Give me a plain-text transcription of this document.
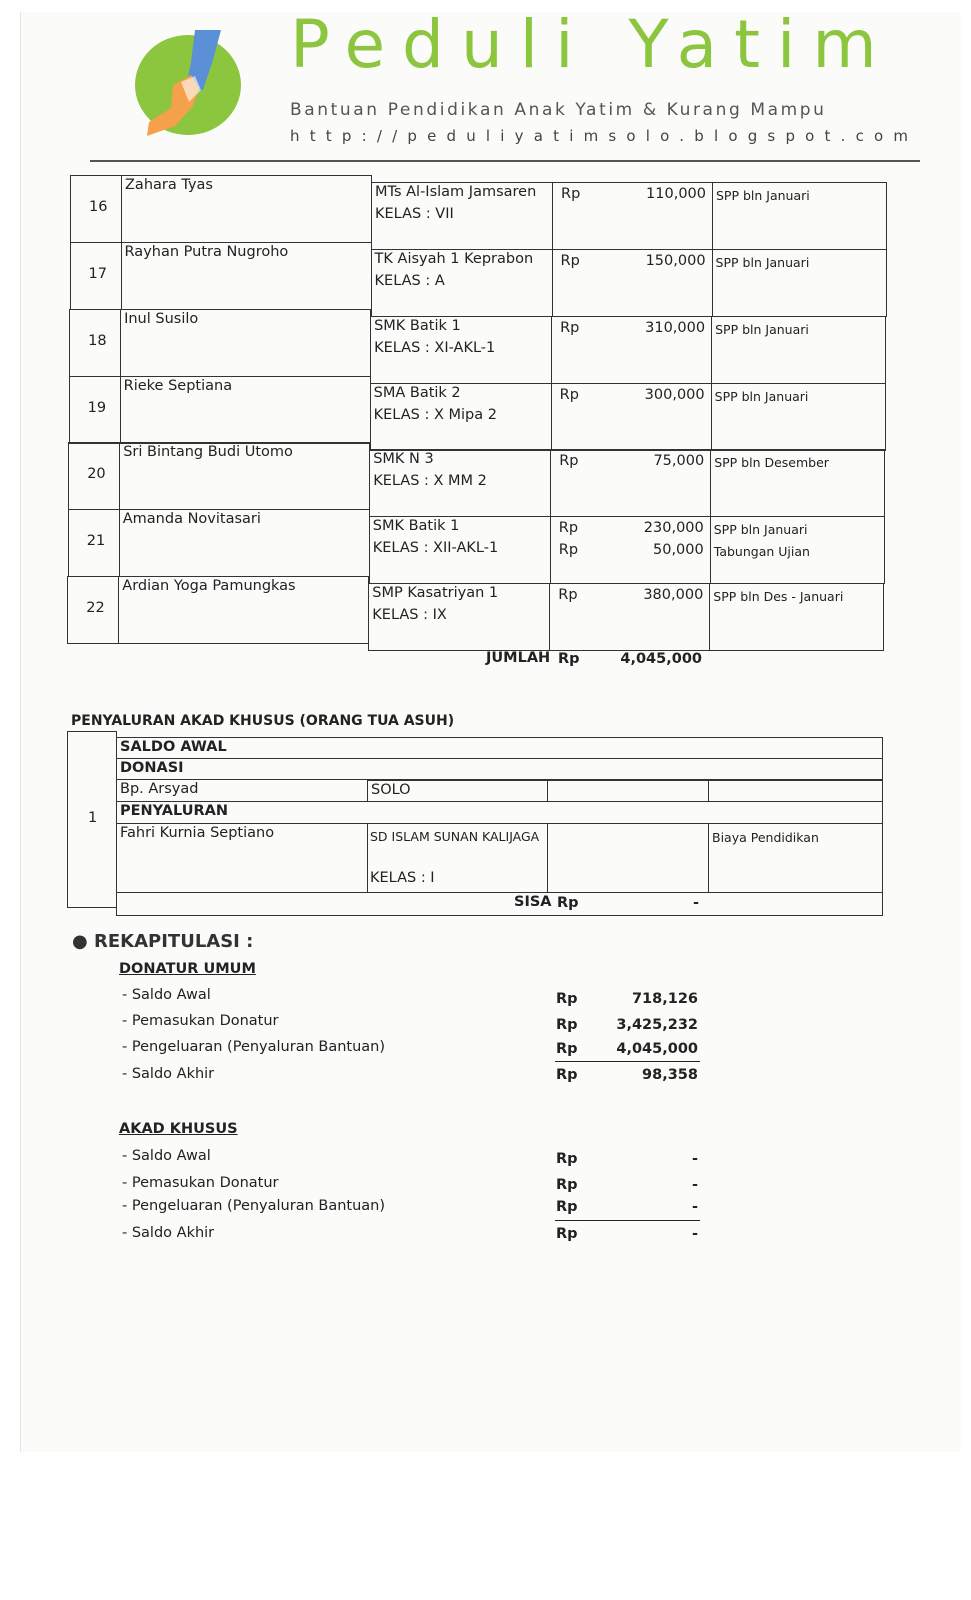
Peduli Yatim
Bantuan Pendidikan Anak Yatim & Kurang Mampu
http://peduliyatimsolo.blogspot.com
16
Zahara Tyas	MTs Al-Islam Jamsaren
KELAS : VII
Rp	110,000 SPP bln Januari
17
Rayhan Putra Nugroho	TK Aisyah 1 Keprabon
KELAS : A
Rp	150,000 SPP bln Januari
18
Inul Susilo	SMK Batik 1
KELAS : XI-AKL-1
Rp	310,000 SPP bln Januari
19
Rieke Septiana	SMA Batik 2
KELAS : X Mipa 2
Rp	300,000 SPP bln Januari
20
Sri Bintang Budi Utomo	SMK N 3
KELAS : X MM 2
Rp	75,000 SPP bln Desember
21
Amanda Novitasari	SMK Batik 1
KELAS : XII-AKL-1
Rp	230,000
Rp	50,000
SPP bln Januari
Tabungan Ujian
22
Ardian Yoga Pamungkas	SMP Kasatriyan 1
KELAS : IX
Rp	380,000 SPP bln Des - Januari
JUMLAH Rp	4,045,000
PENYALURAN AKAD KHUSUS (ORANG TUA ASUH)
1
SALDO AWAL
DONASI
Bp. Arsyad	SOLO
PENYALURAN
Fahri Kurnia Septiano	SD ISLAM SUNAN KALIJAGA
KELAS : I
Biaya Pendidikan
SISA Rp	-
● REKAPITULASI :
DONATUR UMUM
- Saldo Awal	Rp	718,126
- Pemasukan Donatur	Rp	3,425,232
- Pengeluaran (Penyaluran Bantuan)	Rp	4,045,000
- Saldo Akhir	Rp	98,358
AKAD KHUSUS
- Saldo Awal	Rp	-
- Pemasukan Donatur	Rp	-
- Pengeluaran (Penyaluran Bantuan)	Rp	-
- Saldo Akhir	Rp	-
